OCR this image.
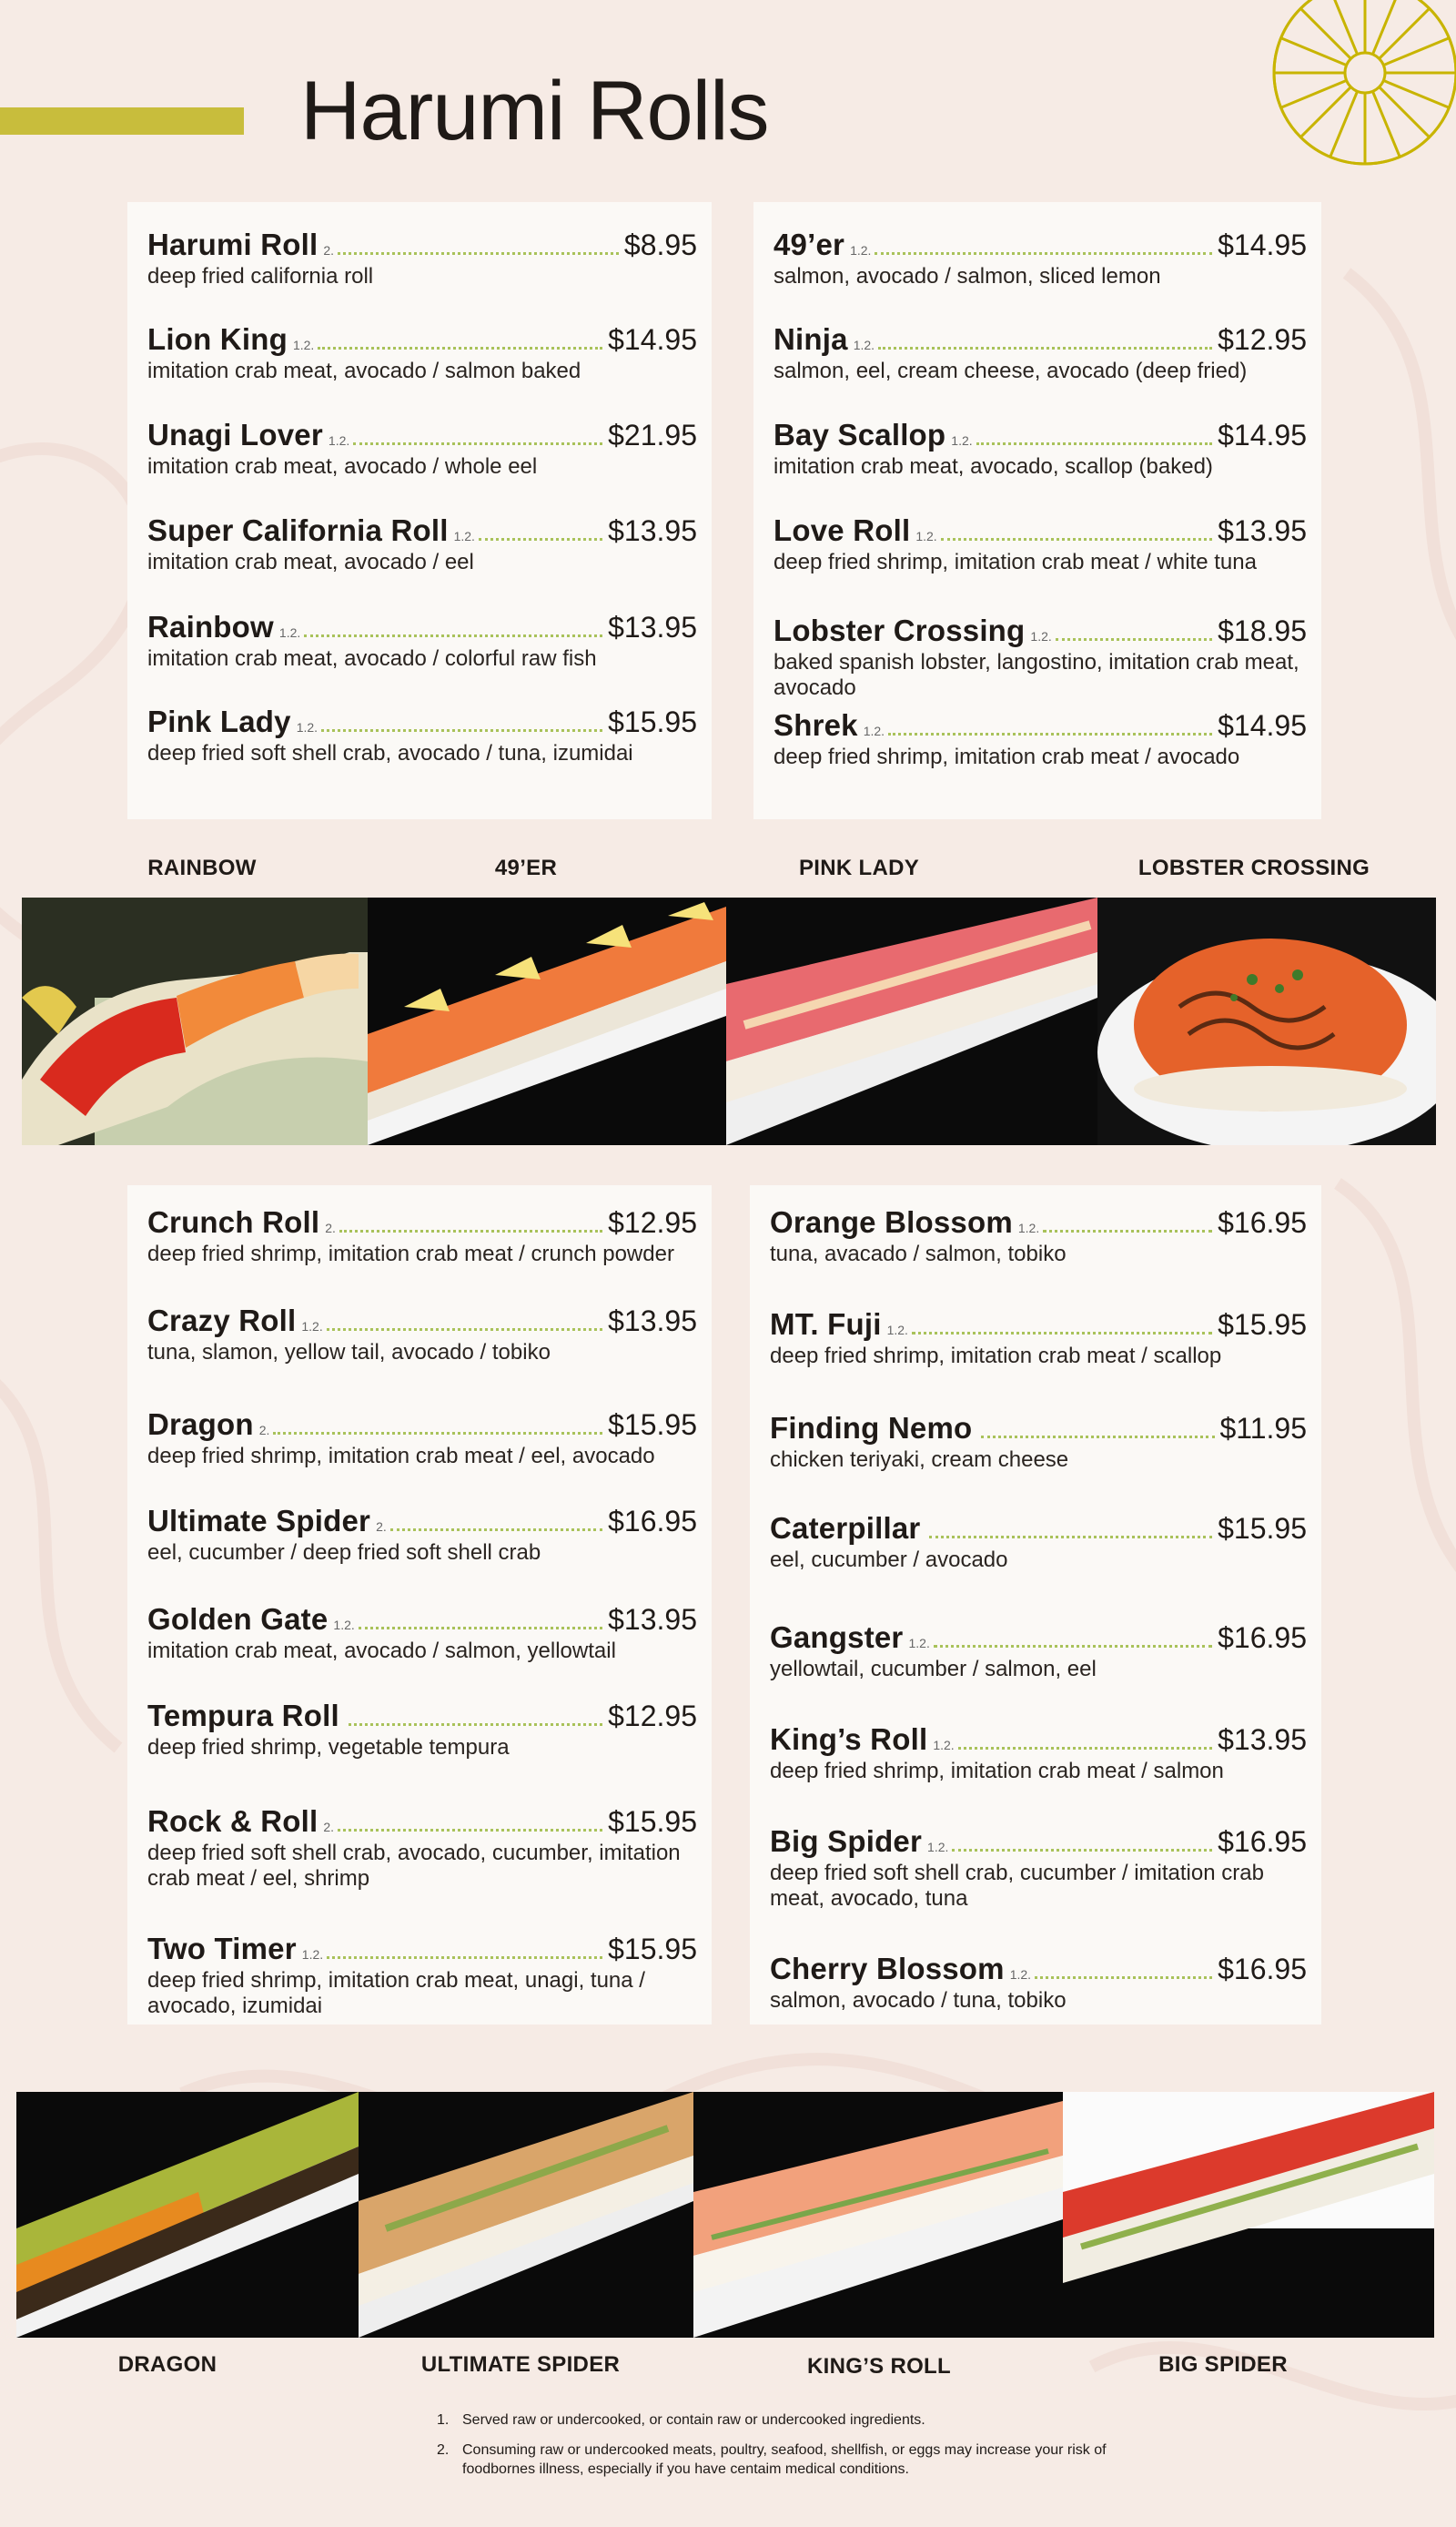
Harumi Rolls
Harumi Roll 2.	$8.95
deep fried california roll
Lion King 1.2.	$14.95
imitation crab meat, avocado / salmon baked
Unagi Lover 1.2.	$21.95
imitation crab meat, avocado / whole eel
Super California Roll 1.2.	$13.95
imitation crab meat, avocado / eel
Rainbow 1.2.	$13.95
imitation crab meat, avocado / colorful raw fish
Pink Lady 1.2.	$15.95
deep fried soft shell crab, avocado / tuna, izumidai
49’er 1.2.	$14.95
salmon, avocado / salmon, sliced lemon
Ninja 1.2.	$12.95
salmon, eel, cream cheese, avocado (deep fried)
Bay Scallop 1.2.	$14.95
imitation crab meat, avocado, scallop (baked)
Love Roll 1.2.	$13.95
deep fried shrimp, imitation crab meat / white tuna
Lobster Crossing 1.2.	$18.95
baked spanish lobster, langostino, imitation crab meat, avocado
Shrek 1.2.	$14.95
deep fried shrimp, imitation crab meat / avocado
RAINBOW	49’ER	PINK LADY	LOBSTER CROSSING
Crunch Roll 2.	$12.95
deep fried shrimp, imitation crab meat / crunch powder
Crazy Roll 1.2.	$13.95
tuna, slamon, yellow tail, avocado / tobiko
Dragon 2.	$15.95
deep fried shrimp, imitation crab meat / eel, avocado
Ultimate Spider 2.	$16.95
eel, cucumber / deep fried soft shell crab
Golden Gate 1.2.	$13.95
imitation crab meat, avocado / salmon, yellowtail
Tempura Roll	$12.95
deep fried shrimp, vegetable tempura
Rock & Roll 2.	$15.95
deep fried soft shell crab, avocado, cucumber, imitation crab meat / eel, shrimp
Two Timer 1.2.	$15.95
deep fried shrimp, imitation crab meat, unagi, tuna / avocado, izumidai
Orange Blossom 1.2.	$16.95
tuna, avacado / salmon, tobiko
MT. Fuji 1.2.	$15.95
deep fried shrimp, imitation crab meat / scallop
Finding Nemo	$11.95
chicken teriyaki, cream cheese
Caterpillar	$15.95
eel, cucumber / avocado
Gangster 1.2.	$16.95
yellowtail, cucumber / salmon, eel
King’s Roll 1.2.	$13.95
deep fried shrimp, imitation crab meat / salmon
Big Spider 1.2.	$16.95
deep fried soft shell crab, cucumber / imitation crab meat, avocado, tuna
Cherry Blossom 1.2.	$16.95
salmon, avocado / tuna, tobiko
DRAGON	ULTIMATE SPIDER	KING’S ROLL	BIG SPIDER
1. Served raw or undercooked, or contain raw or undercooked ingredients.
2. Consuming raw or undercooked meats, poultry, seafood, shellfish, or eggs may increase your risk of foodbornes illness, especially if you have centaim medical conditions.
